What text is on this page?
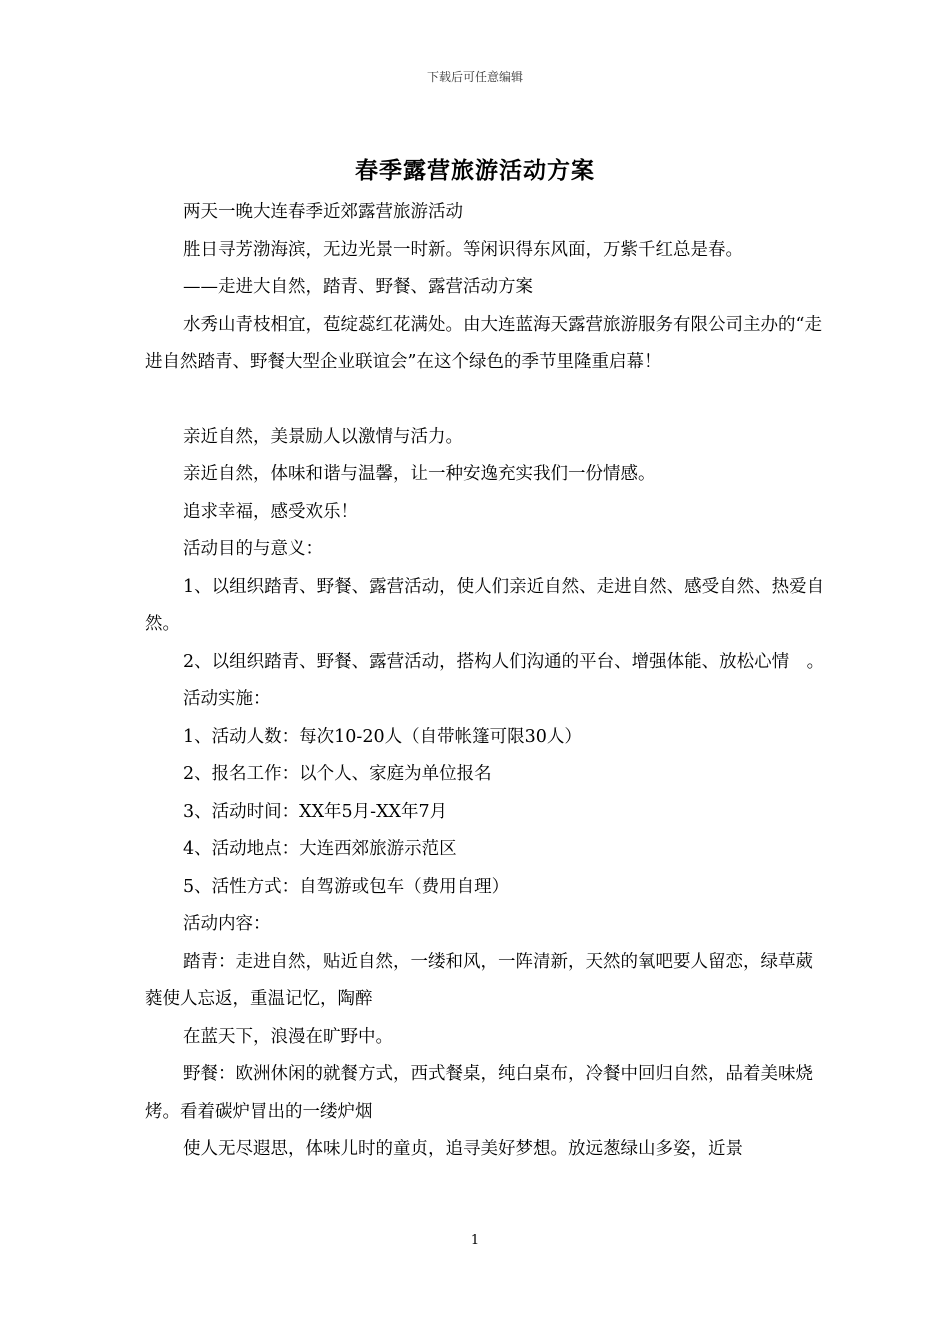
下载后可任意编辑
春季露营旅游活动方案

两天一晚大连春季近郊露营旅游活动

胜日寻芳渤海滨，无边光景一时新。等闲识得东风面，万紫千红总是春。

——走进大自然，踏青、野餐、露营活动方案

水秀山青枝相宜，苞绽蕊红花满处。由大连蓝海天露营旅游服务有限公司主办的“走进自然踏青、野餐大型企业联谊会”在这个绿色的季节里隆重启幕！

亲近自然，美景励人以激情与活力。

亲近自然，体味和谐与温馨，让一种安逸充实我们一份情感。

追求幸福，感受欢乐！

活动目的与意义：

1、以组织踏青、野餐、露营活动，使人们亲近自然、走进自然、感受自然、热爱自然。

2、以组织踏青、野餐、露营活动，搭构人们沟通的平台、增强体能、放松心情　。

活动实施：

1、活动人数：每次10-20人（自带帐篷可限30人）

2、报名工作：以个人、家庭为单位报名

3、活动时间：XX年5月-XX年7月

4、活动地点：大连西郊旅游示范区

5、活性方式：自驾游或包车（费用自理）

活动内容：

踏青：走进自然，贴近自然，一缕和风，一阵清新，天然的氧吧要人留恋，绿草葳蕤使人忘返，重温记忆，陶醉

在蓝天下，浪漫在旷野中。

野餐：欧洲休闲的就餐方式，西式餐桌，纯白桌布，冷餐中回归自然，品着美味烧烤。看着碳炉冒出的一缕炉烟

使人无尽遐思，体味儿时的童贞，追寻美好梦想。放远葱绿山多姿，近景

1
